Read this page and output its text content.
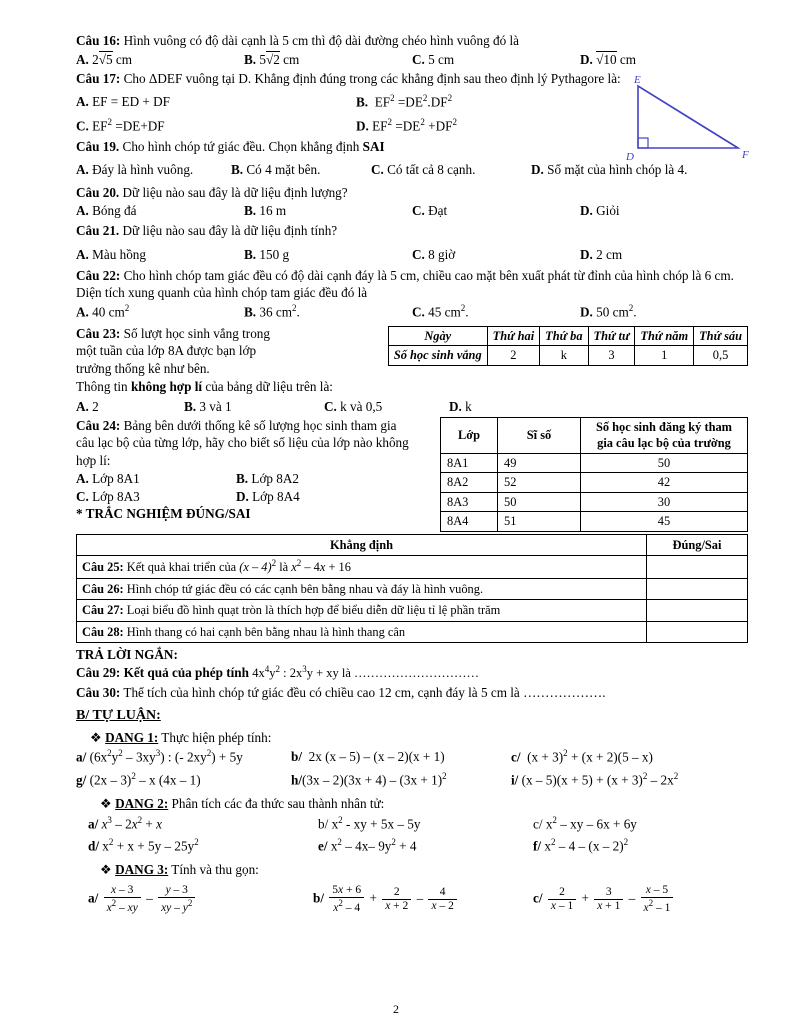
E
D	F
Câu 16: Hình vuông có độ dài cạnh là 5 cm thì độ dài đường chéo hình vuông đó là
A. 2√5 cm	B. 5√2 cm	C. 5 cm	D. √10 cm
Câu 17: Cho ΔDEF vuông tại D. Khẳng định đúng trong các khẳng định sau theo định lý Pythagore là:
A. EF = ED + DF	B.  $EF^2 =DE^2.DF^2$
C. $EF^2 =DE+DF$	D. $EF^2 =DE^2 +DF^2$
Câu 19. Cho hình chóp tứ giác đều. Chọn khẳng định SAI
A. Đáy là hình vuông.	B. Có 4 mặt bên.	C. Có tất cả 8 cạnh.	D. Số mặt của hình chóp là 4.
Câu 20. Dữ liệu nào sau đây là dữ liệu định lượng?
A. Bóng đá	B. 16 m	C. Đạt	D. Giỏi
Câu 21. Dữ liệu nào sau đây là dữ liệu định tính?
A. Màu hồng	B. 150 g	C. 8 giờ	D. 2 cm
Câu 22: Cho hình chóp tam giác đều có độ dài cạnh đáy là 5 cm, chiều cao mặt bên xuất phát từ đỉnh của hình chóp là 6 cm. Diện tích xung quanh của hình chóp tam giác đều đó là
A. 40 $cm^2$	B. 36 $cm^2$.	C. 45 $cm^2$.	D. 50 $cm^2$.
Ngày	Thứ hai	Thứ ba	Thứ tư	Thứ năm	Thứ sáu
Số học sinh vắng	2	k	3	1	0,5
Câu 23: Số lượt học sinh vắng trong một tuần của lớp 8A được bạn lớp trưởng thống kê như bên.
Thông tin không hợp lí của bảng dữ liệu trên là:
A. 2	B. 3 và 1	C. k và 0,5	D. k
Lớp	Sĩ số	Số học sinh đăng ký tham gia câu lạc bộ của trường
8A1	49	50
8A2	52	42
8A3	50	30
8A4	51	45
Câu 24: Bảng bên dưới thống kê số lượng học sinh tham gia câu lạc bộ của từng lớp, hãy cho biết số liệu của lớp nào không hợp lí:
A. Lớp 8A1	B. Lớp 8A2
C. Lớp 8A3	D. Lớp 8A4
* TRẮC NGHIỆM ĐÚNG/SAI
Khẳng định	Đúng/Sai
Câu 25: Kết quả khai triển của (x – 4)$^2$ là $x^2 - 4x + 16$	
Câu 26: Hình chóp tứ giác đều có các cạnh bên bằng nhau và đáy là hình vuông.	
Câu 27: Loại biểu đồ hình quạt tròn là thích hợp để biểu diễn dữ liệu tỉ lệ phần trăm	
Câu 28: Hình thang có hai cạnh bên bằng nhau là hình thang cân	
TRẢ LỜI NGẮN:
Câu 29: Kết quả của phép tính $4x^4y^2$ : $2x^3y$ + xy là …………………………
Câu 30: Thể tích của hình chóp tứ giác đều có chiều cao 12 cm, cạnh đáy là 5 cm là ……………….
B/ TỰ LUẬN:
❖ DANG 1: Thực hiện phép tính:
a/ $(6x^2y^2 - 3xy^3)$ : (- $2xy^2) + 5y$	b/  2x (x – 5) – (x – 2)(x + 1)	c/  $(x + 3)^2 + (x + 2)(5 - x)$
g/ (2x – 3)$^2$ – x (4x – 1)	$h/(3x - 2)(3x + 4) - (3x + 1)^2$	i/ $(x - 5)(x + 5) + (x + 3)^2 - 2x^2$
❖ DANG 2: Phân tích các đa thức sau thành nhân tử:
a/ $x^3 - 2x^2 + x$	b/ $x^2$ - xy + 5x – 5y	c/ $x^2$ – xy – 6x + 6y
d/ $x^2 + x + 5y - 25y^2$	e/ $x^2 - 4x-$ $9y^2 + 4$	f/ $x^2 - 4 - (x - 2)^2$
❖ DANG 3: Tính và thu gọn:
$a/ \frac{x - 3}{x^2 - xy} - \frac{y - 3}{xy - y^2}$	$b/ \frac{5x + 6}{x^2 - 4} + \frac{2}{x + 2} - \frac{4}{x - 2}$	$c/ \frac{2}{x - 1} + \frac{3}{x + 1} - \frac{x - 5}{x^2 - 1}$
2
